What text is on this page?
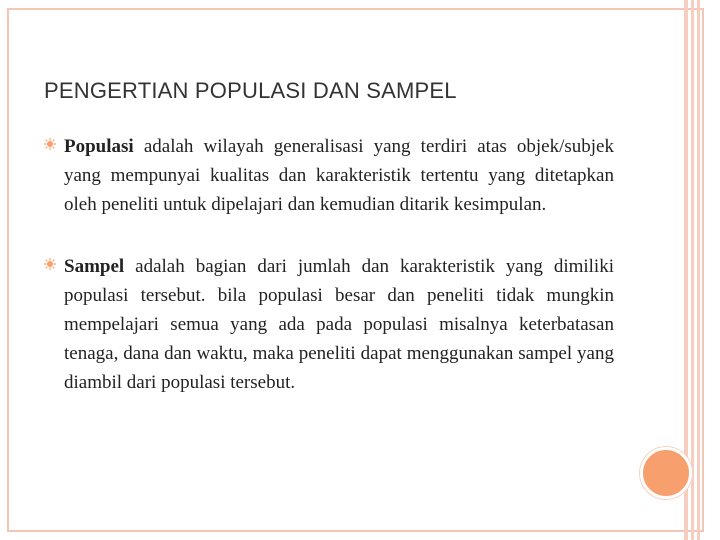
PENGERTIAN POPULASI DAN SAMPEL
Populasi adalah wilayah generalisasi yang terdiri atas objek/subjek yang mempunyai kualitas dan karakteristik tertentu yang ditetapkan oleh peneliti untuk dipelajari dan kemudian ditarik kesimpulan.
Sampel adalah bagian dari jumlah dan karakteristik yang dimiliki populasi tersebut. bila populasi besar dan peneliti tidak mungkin mempelajari semua yang ada pada populasi misalnya keterbatasan tenaga, dana dan waktu, maka peneliti dapat menggunakan sampel yang diambil dari populasi tersebut.
